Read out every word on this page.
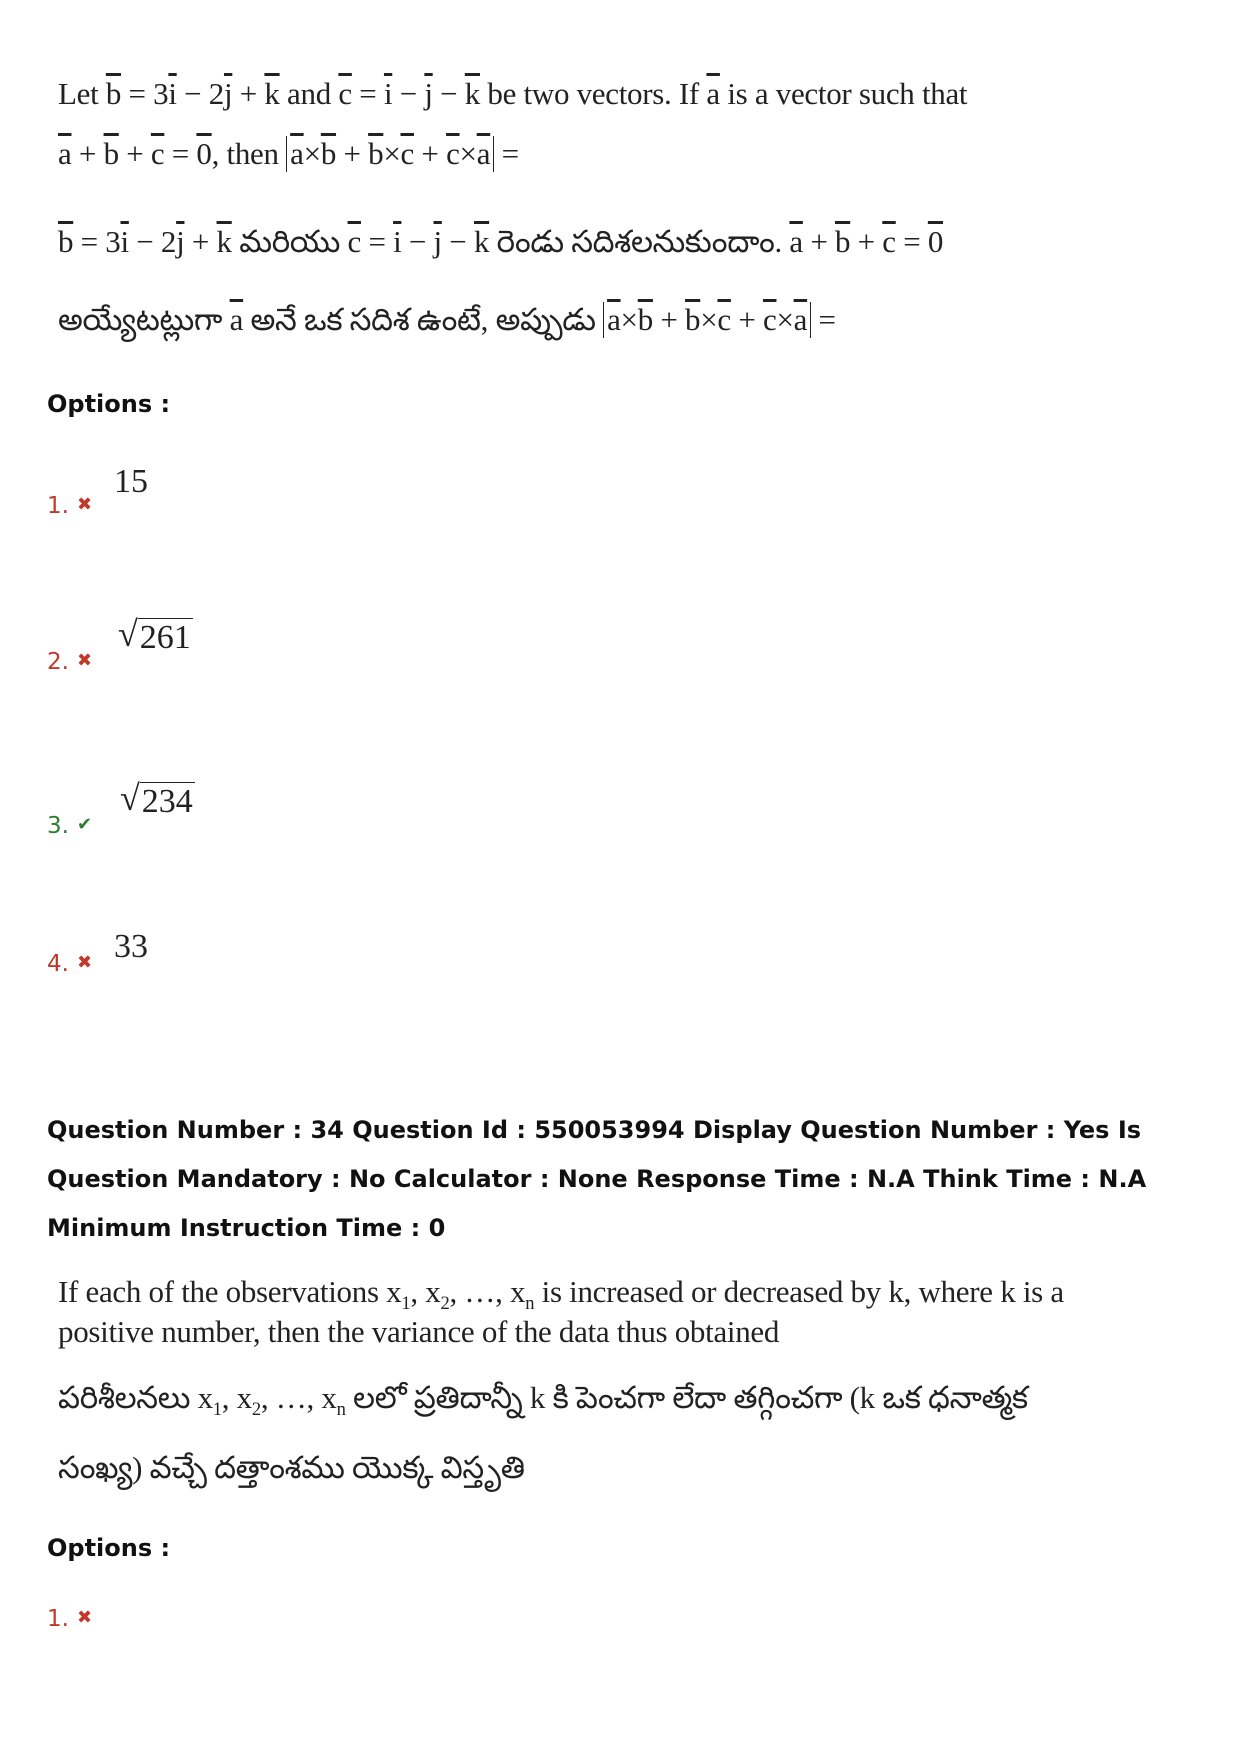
Let $\overline{b} = 3\overline{i} - 2\overline{j} + \overline{k}$ and $\overline{c} = \overline{i} - \overline{j} - \overline{k}$ be two vectors. If $\overline{a}$ is a vector such that
$\overline{a} + \overline{b} + \overline{c} = 0$, then $\overline{a}\times\overline{b} + \overline{b}\times\overline{c} + \overline{c}\times\overline{a}$ =
$\overline{b} = 3\overline{i} - 2\overline{j} + \overline{k}$ మరియు $\overline{c} = \overline{i} - \overline{j} - \overline{k}$ రెండు సదిశలనుకుందాం. $\overline{a} + \overline{b} + \overline{c} = 0$
అయ్యేటట్లుగా $\overline{a}$ అనే ఒక సదిశ ఉంటే, అప్పుడు $\overline{a}\times\overline{b} + \overline{b}\times\overline{c} + \overline{c}\times\overline{a}$ =
Options :
1. ✖
15
2. ✖
√ 261
3. ✔
√ 234
4. ✖ 33
Question Number : 34 Question Id : 550053994 Display Question Number : Yes Is Question Mandatory : No Calculator : None Response Time : N.A Think Time : N.A Minimum Instruction Time : 0
If each of the observations $x_1$, $x_2$, …, $x_n$ is increased or decreased by k, where k is a
positive number, then the variance of the data thus obtained
పరిశీలనలు $x_1$, $x_2$, …, $x_n$ లలో ప్రతిదాన్నీ k కి పెంచగా లేదా తగ్గించగా (k ఒక ధనాత్మక
సంఖ్య) వచ్చే దత్తాంశము యొక్క విస్తృతి
Options :
1. ✖
